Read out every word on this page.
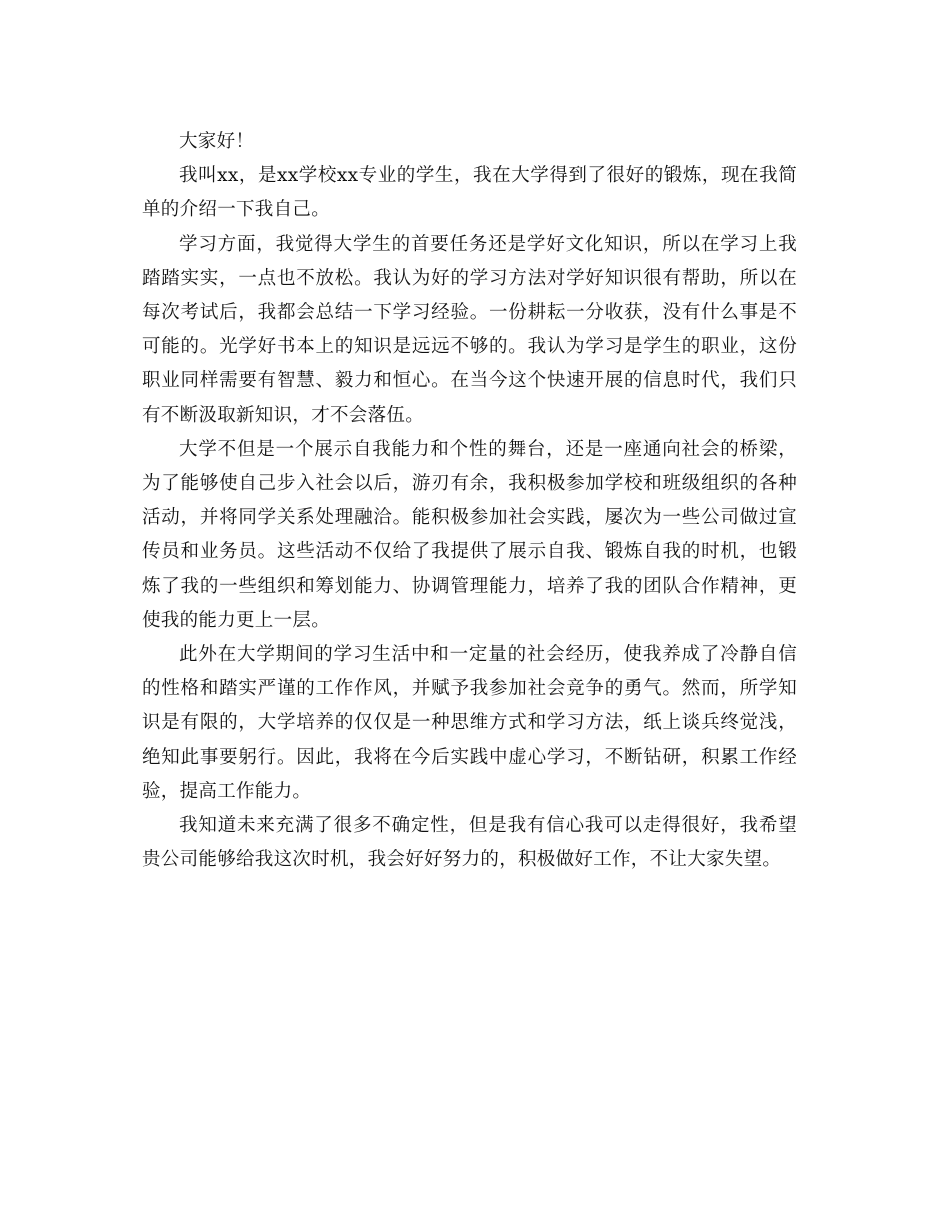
大家好！

我叫xx，是xx学校xx专业的学生，我在大学得到了很好的锻炼，现在我简单的介绍一下我自己。

学习方面，我觉得大学生的首要任务还是学好文化知识，所以在学习上我踏踏实实，一点也不放松。我认为好的学习方法对学好知识很有帮助，所以在每次考试后，我都会总结一下学习经验。一份耕耘一分收获，没有什么事是不可能的。光学好书本上的知识是远远不够的。我认为学习是学生的职业，这份职业同样需要有智慧、毅力和恒心。在当今这个快速开展的信息时代，我们只有不断汲取新知识，才不会落伍。

大学不但是一个展示自我能力和个性的舞台，还是一座通向社会的桥梁，为了能够使自己步入社会以后，游刃有余，我积极参加学校和班级组织的各种活动，并将同学关系处理融洽。能积极参加社会实践，屡次为一些公司做过宣传员和业务员。这些活动不仅给了我提供了展示自我、锻炼自我的时机，也锻炼了我的一些组织和筹划能力、协调管理能力，培养了我的团队合作精神，更使我的能力更上一层。

此外在大学期间的学习生活中和一定量的社会经历，使我养成了冷静自信的性格和踏实严谨的工作作风，并赋予我参加社会竞争的勇气。然而，所学知识是有限的，大学培养的仅仅是一种思维方式和学习方法，纸上谈兵终觉浅，绝知此事要躬行。因此，我将在今后实践中虚心学习，不断钻研，积累工作经验，提高工作能力。

我知道未来充满了很多不确定性，但是我有信心我可以走得很好，我希望贵公司能够给我这次时机，我会好好努力的，积极做好工作，不让大家失望。
